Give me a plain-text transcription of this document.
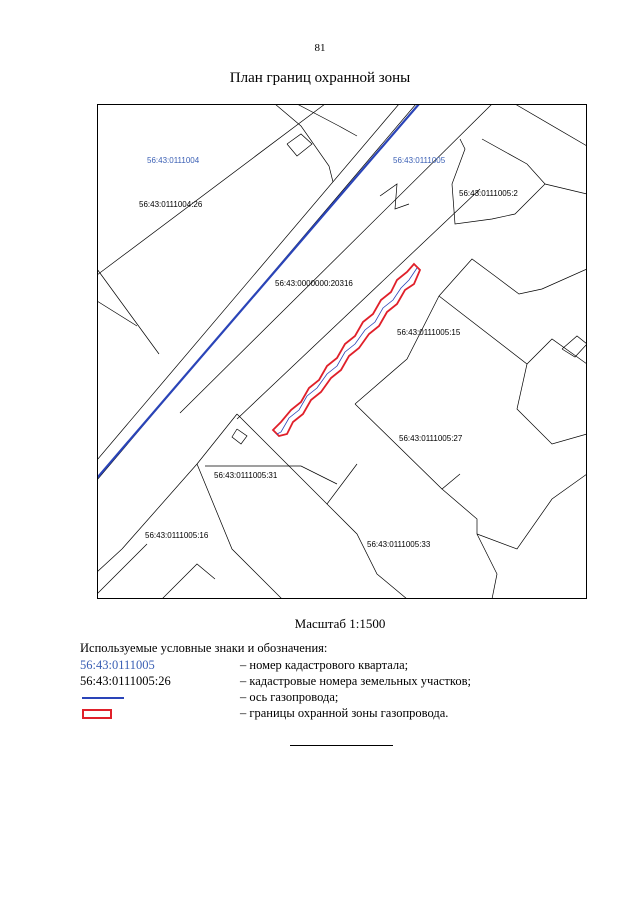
81
План границ охранной зоны
56:43:0111004	56:43:0111005
56:43:0111004:26
56:43:0111005:2
56:43:0000000:20316
56:43:0111005:15
56:43:0111005:27
56:43:0111005:31
56:43:0111005:16
56:43:0111005:33
Масштаб 1:1500
Используемые условные знаки и обозначения:
56:43:0111005	– номер кадастрового квартала;
56:43:0111005:26	– кадастровые номера земельных участков;
– ось газопровода;
– границы охранной зоны газопровода.
